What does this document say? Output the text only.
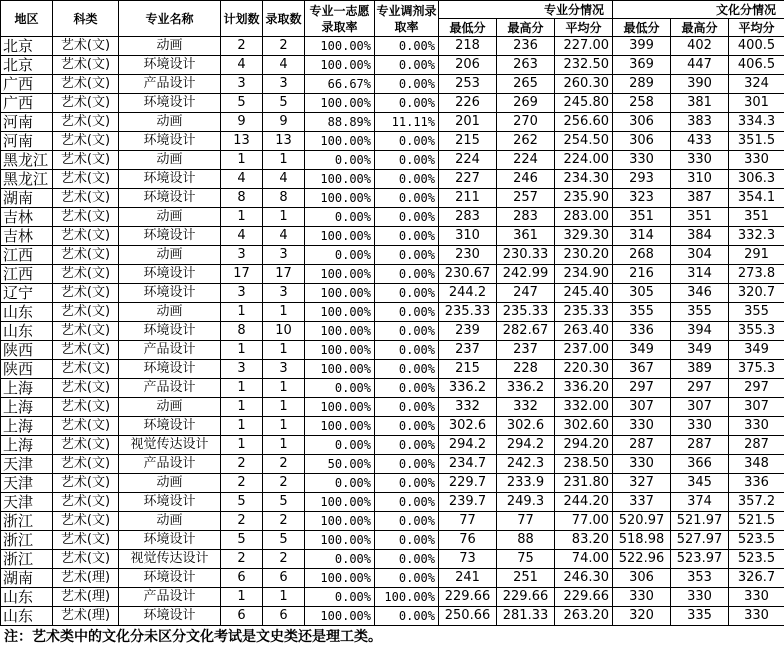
地区	科类	专业名称	计划数	录取数	专业一志愿录取率	专业调剂录取率	专业分情况			文化分情况		
							最低分	最高分	平均分	最低分	最高分	平均分
北京	艺术(文)	动画	2	2	100.00%	0.00%	218	236	227.00	399	402	400.5
北京	艺术(文)	环境设计	4	4	100.00%	0.00%	206	263	232.50	369	447	406.5
广西	艺术(文)	产品设计	3	3	66.67%	0.00%	253	265	260.30	289	390	324
广西	艺术(文)	环境设计	5	5	100.00%	0.00%	226	269	245.80	258	381	301
河南	艺术(文)	动画	9	9	88.89%	11.11%	201	270	256.60	306	383	334.3
河南	艺术(文)	环境设计	13	13	100.00%	0.00%	215	262	254.50	306	433	351.5
黑龙江	艺术(文)	动画	1	1	0.00%	0.00%	224	224	224.00	330	330	330
黑龙江	艺术(文)	环境设计	4	4	100.00%	0.00%	227	246	234.30	293	310	306.3
湖南	艺术(文)	环境设计	8	8	100.00%	0.00%	211	257	235.90	323	387	354.1
吉林	艺术(文)	动画	1	1	0.00%	0.00%	283	283	283.00	351	351	351
吉林	艺术(文)	环境设计	4	4	100.00%	0.00%	310	361	329.30	314	384	332.3
江西	艺术(文)	动画	3	3	0.00%	0.00%	230	230.33	230.20	268	304	291
江西	艺术(文)	环境设计	17	17	100.00%	0.00%	230.67	242.99	234.90	216	314	273.8
辽宁	艺术(文)	环境设计	3	3	100.00%	0.00%	244.2	247	245.40	305	346	320.7
山东	艺术(文)	动画	1	1	100.00%	0.00%	235.33	235.33	235.33	355	355	355
山东	艺术(文)	环境设计	8	10	100.00%	0.00%	239	282.67	263.40	336	394	355.3
陕西	艺术(文)	产品设计	1	1	100.00%	0.00%	237	237	237.00	349	349	349
陕西	艺术(文)	环境设计	3	3	100.00%	0.00%	215	228	220.30	367	389	375.3
上海	艺术(文)	产品设计	1	1	0.00%	0.00%	336.2	336.2	336.20	297	297	297
上海	艺术(文)	动画	1	1	100.00%	0.00%	332	332	332.00	307	307	307
上海	艺术(文)	环境设计	1	1	100.00%	0.00%	302.6	302.6	302.60	330	330	330
上海	艺术(文)	视觉传达设计	1	1	0.00%	0.00%	294.2	294.2	294.20	287	287	287
天津	艺术(文)	产品设计	2	2	50.00%	0.00%	234.7	242.3	238.50	330	366	348
天津	艺术(文)	动画	2	2	0.00%	0.00%	229.7	233.9	231.80	327	345	336
天津	艺术(文)	环境设计	5	5	100.00%	0.00%	239.7	249.3	244.20	337	374	357.2
浙江	艺术(文)	动画	2	2	100.00%	0.00%	77	77	77.00	520.97	521.97	521.5
浙江	艺术(文)	环境设计	5	5	100.00%	0.00%	76	88	83.20	518.98	527.97	523.5
浙江	艺术(文)	视觉传达设计	2	2	0.00%	0.00%	73	75	74.00	522.96	523.97	523.5
湖南	艺术(理)	环境设计	6	6	100.00%	0.00%	241	251	246.30	306	353	326.7
山东	艺术(理)	产品设计	1	1	0.00%	100.00%	229.66	229.66	229.66	330	330	330
山东	艺术(理)	环境设计	6	6	100.00%	0.00%	250.66	281.33	263.20	320	335	330
注：艺术类中的文化分未区分文化考试是文史类还是理工类。
